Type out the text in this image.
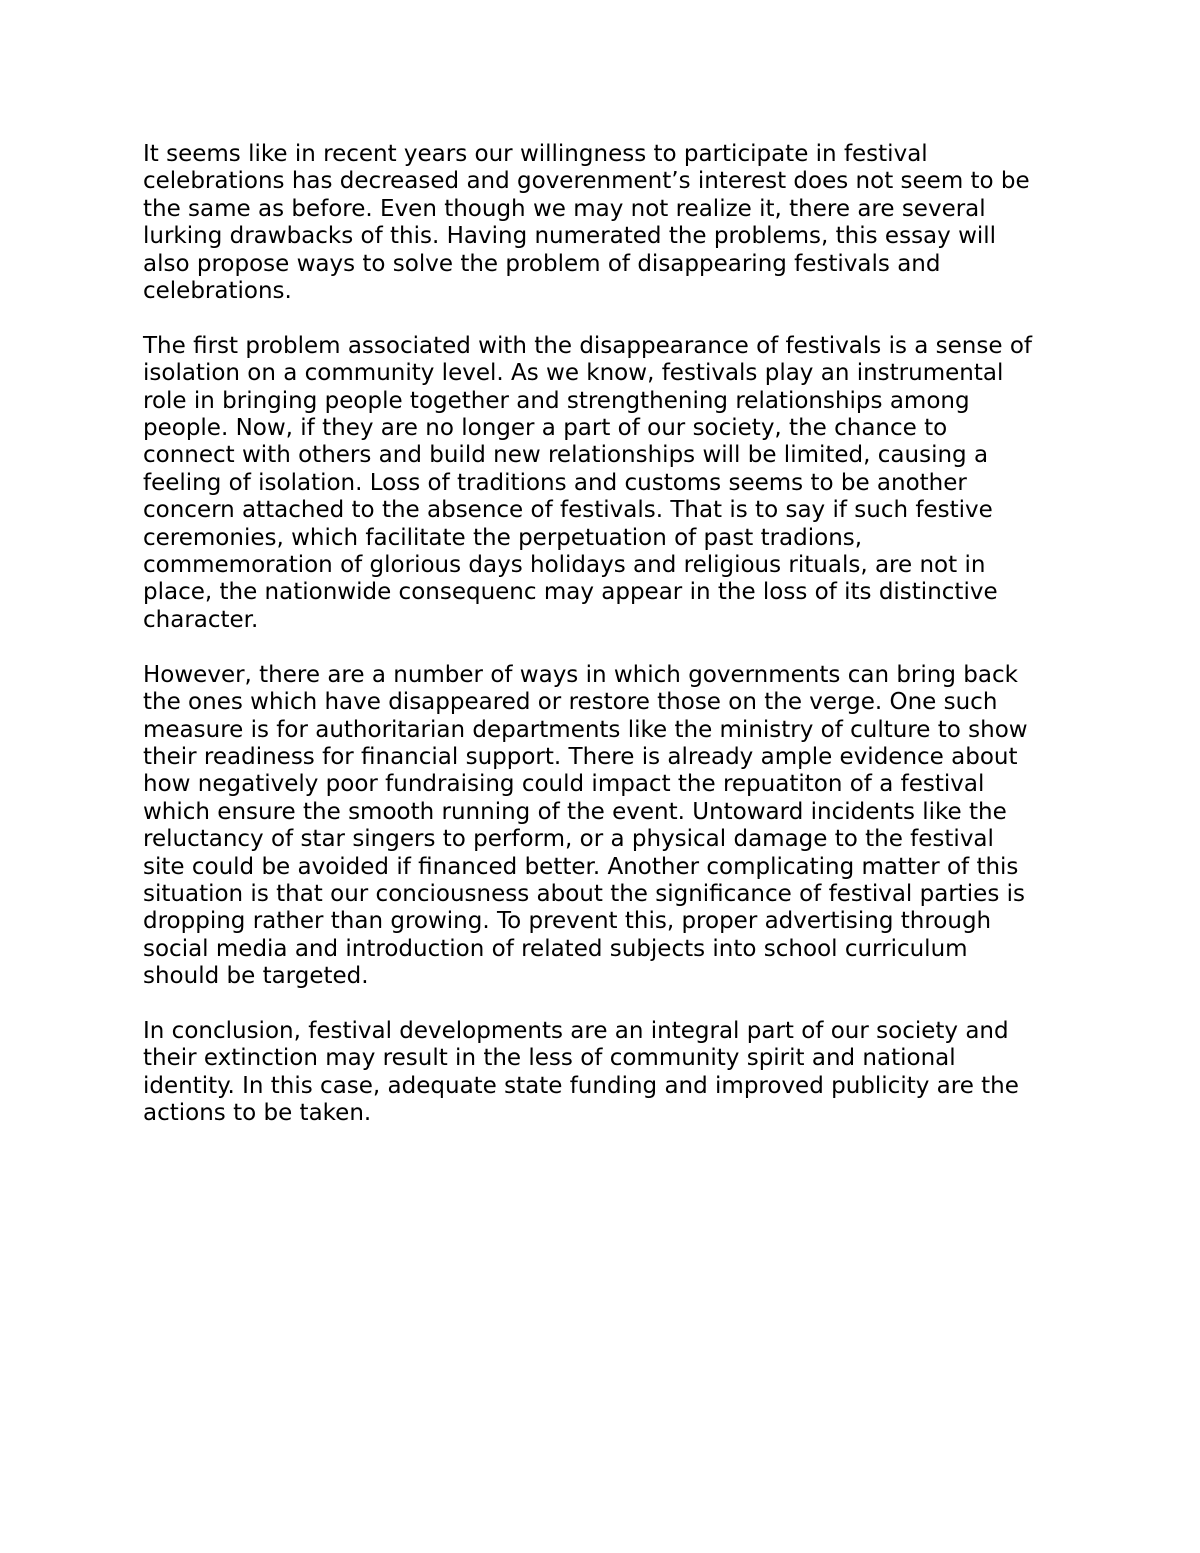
It seems like in recent years our willingness to participate in festival
celebrations has decreased and goverenment’s interest does not seem to be
the same as before. Even though we may not realize it, there are several
lurking drawbacks of this. Having numerated the problems, this essay will
also propose ways to solve the problem of disappearing festivals and
celebrations.

The first problem associated with the disappearance of festivals is a sense of
isolation on a community level. As we know, festivals play an instrumental
role in bringing people together and strengthening relationships among
people. Now, if they are no longer a part of our society, the chance to
connect with others and build new relationships will be limited, causing a
feeling of isolation. Loss of traditions and customs seems to be another
concern attached to the absence of festivals. That is to say if such festive
ceremonies, which facilitate the perpetuation of past tradions,
commemoration of glorious days holidays and religious rituals, are not in
place, the nationwide consequenc may appear in the loss of its distinctive
character.

However, there are a number of ways in which governments can bring back
the ones which have disappeared or restore those on the verge. One such
measure is for authoritarian departments like the ministry of culture to show
their readiness for financial support. There is already ample evidence about
how negatively poor fundraising could impact the repuatiton of a festival
which ensure the smooth running of the event. Untoward incidents like the
reluctancy of star singers to perform, or a physical damage to the festival
site could be avoided if financed better. Another complicating matter of this
situation is that our conciousness about the significance of festival parties is
dropping rather than growing. To prevent this, proper advertising through
social media and introduction of related subjects into school curriculum
should be targeted.

In conclusion, festival developments are an integral part of our society and
their extinction may result in the less of community spirit and national
identity. In this case, adequate state funding and improved publicity are the
actions to be taken.
